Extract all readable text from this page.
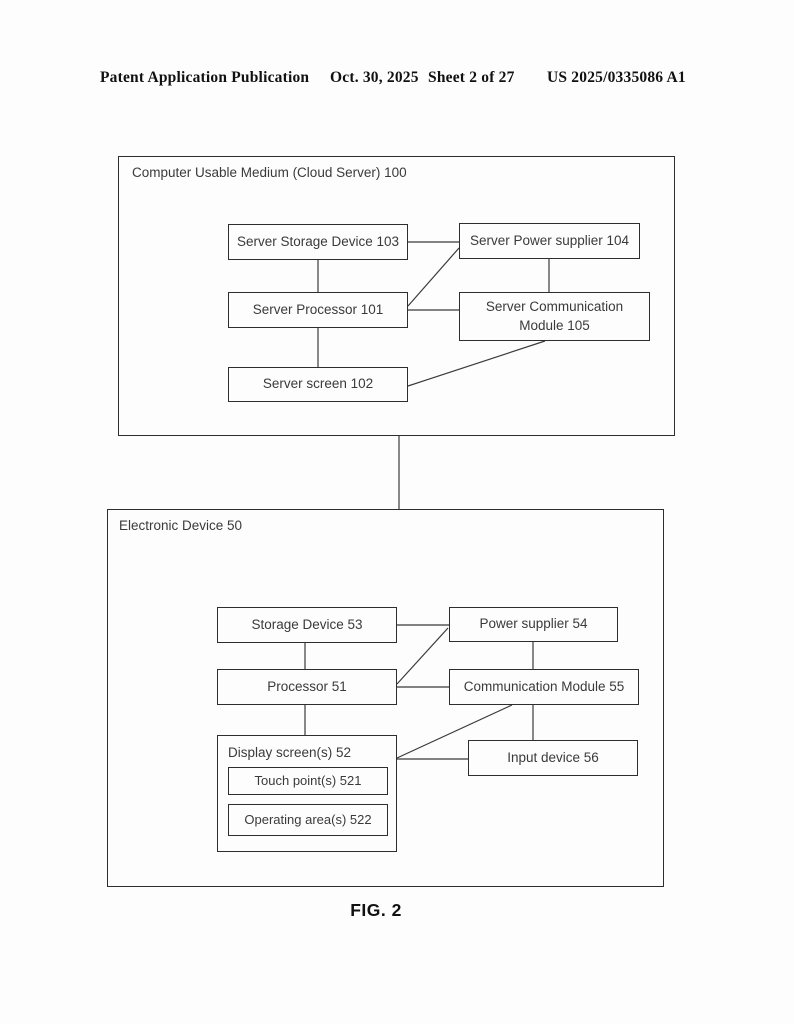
Patent Application Publication Oct. 30, 2025 Sheet 2 of 27 US 2025/0335086 A1
Computer Usable Medium (Cloud Server) 100
Server Storage Device 103	Server Power supplier 104
Server Processor 101	Server Communication Module 105
Server screen 102
Electronic Device 50
Storage Device 53	Power supplier 54
Processor 51	Communication Module 55
Display screen(s) 52
Touch point(s) 521
Operating area(s) 522
Input device 56
FIG. 2
